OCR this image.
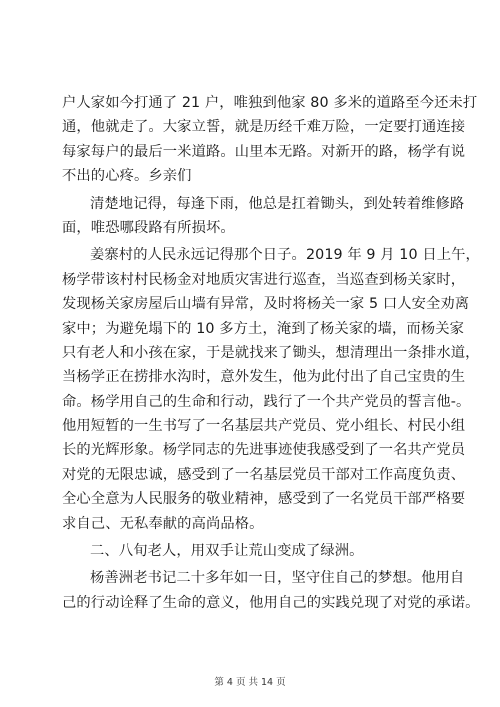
户人家如今打通了 21 户，唯独到他家 80 多米的道路至今还未打
通，他就走了。大家立誓，就是历经千难万险，一定要打通连接
每家每户的最后一米道路。山里本无路。对新开的路，杨学有说
不出的心疼。乡亲们
清楚地记得，每逢下雨，他总是扛着锄头，到处转着维修路
面，唯恐哪段路有所损坏。
姜寨村的人民永远记得那个日子。2019 年 9 月 10 日上午，
杨学带该村村民杨金对地质灾害进行巡查，当巡查到杨关家时，
发现杨关家房屋后山墙有异常，及时将杨关一家 5 口人安全劝离
家中；为避免塌下的 10 多方土，淹到了杨关家的墙，而杨关家
只有老人和小孩在家，于是就找来了锄头，想清理出一条排水道，
当杨学正在捞排水沟时，意外发生，他为此付出了自己宝贵的生
命。杨学用自己的生命和行动，践行了一个共产党员的誓言他-。
他用短暂的一生书写了一名基层共产党员、党小组长、村民小组
长的光辉形象。杨学同志的先进事迹使我感受到了一名共产党员
对党的无限忠诚，感受到了一名基层党员干部对工作高度负责、
全心全意为人民服务的敬业精神，感受到了一名党员干部严格要
求自己、无私奉献的高尚品格。
二、八旬老人，用双手让荒山变成了绿洲。
杨善洲老书记二十多年如一日，坚守住自己的梦想。他用自
己的行动诠释了生命的意义，他用自己的实践兑现了对党的承诺。
第 4 页 共 14 页
